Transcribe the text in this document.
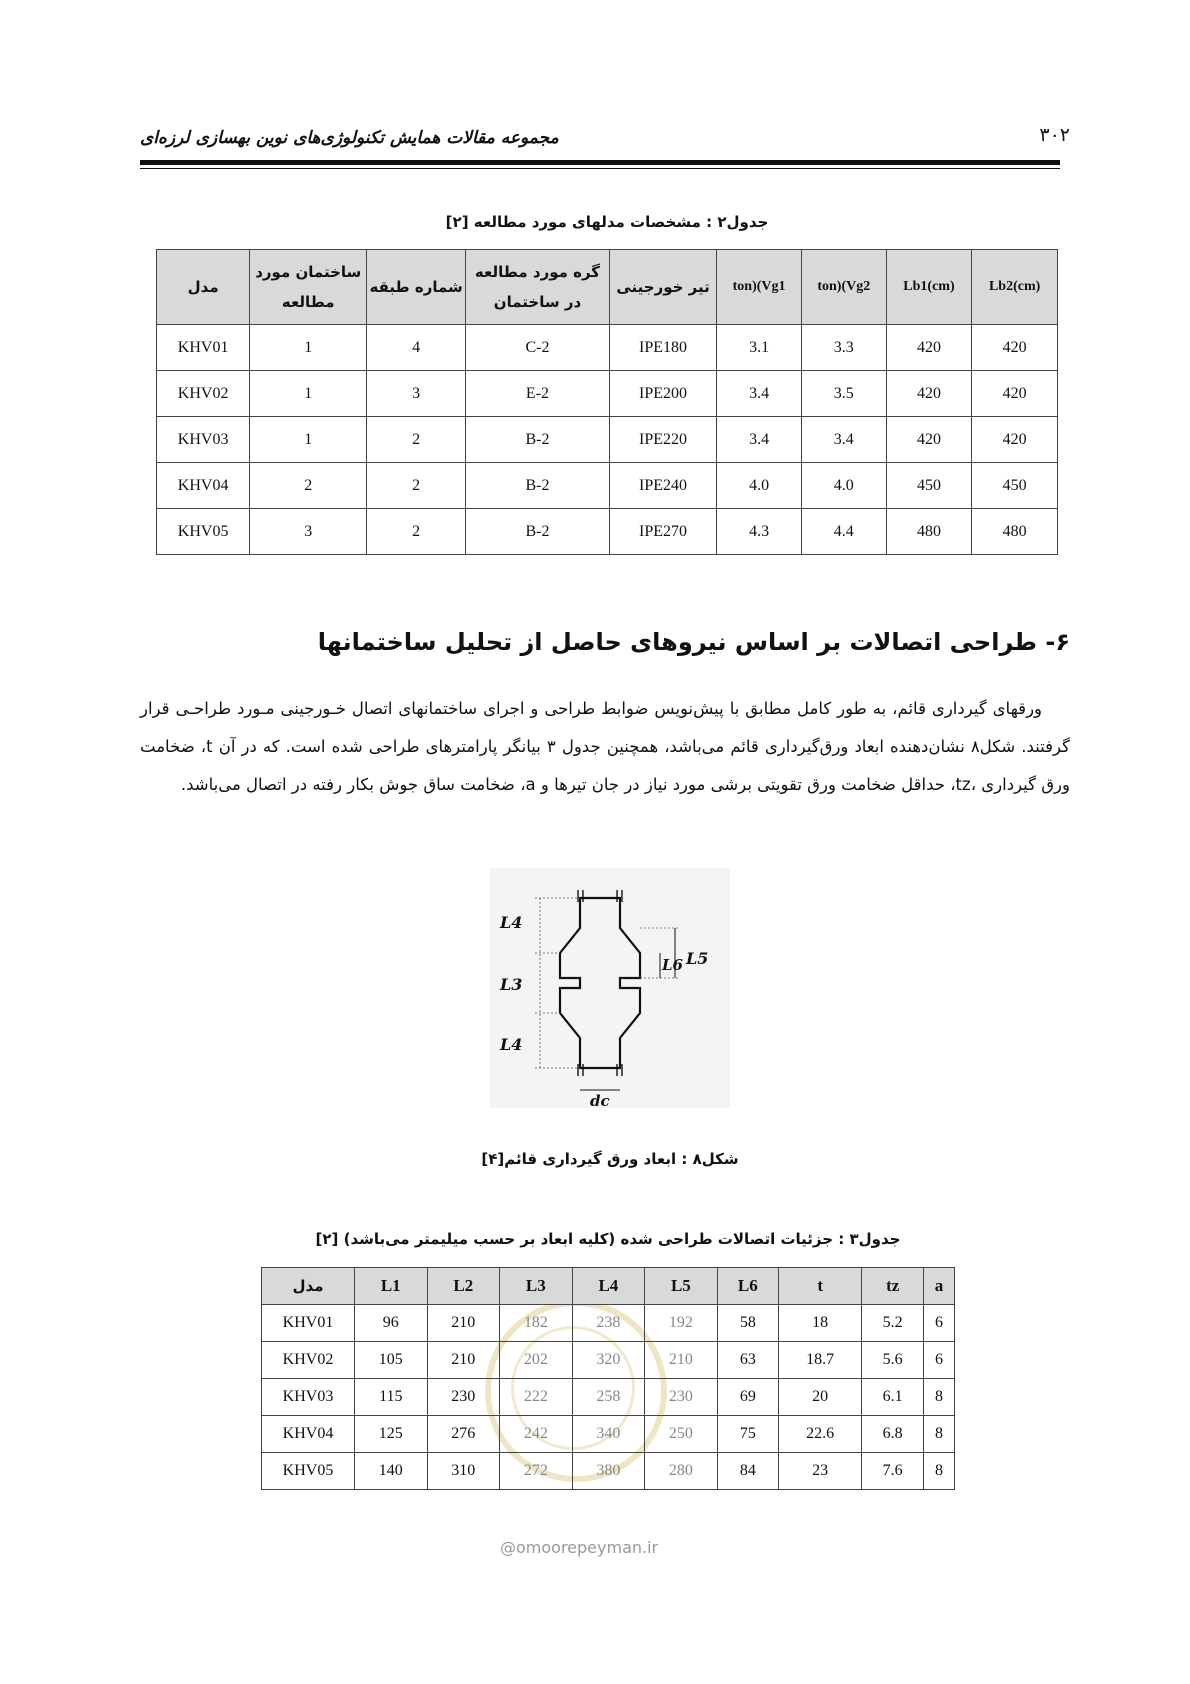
مجموعه مقالات همایش تکنولوژی‌های نوین بهسازی لرزه‌ای	۳۰۲
جدول۲ : مشخصات مدلهای مورد مطالعه [۲]
مدل	ساختمان مورد مطالعه	شماره طبقه	گره مورد مطالعه در ساختمان	تیر خورجینی	ton)(Vg1	ton)(Vg2	Lb1(cm)	Lb2(cm)
KHV01	1	4	C-2	IPE180	3.1	3.3	420	420
KHV02	1	3	E-2	IPE200	3.4	3.5	420	420
KHV03	1	2	B-2	IPE220	3.4	3.4	420	420
KHV04	2	2	B-2	IPE240	4.0	4.0	450	450
KHV05	3	2	B-2	IPE270	4.3	4.4	480	480
۶- طراحی اتصالات بر اساس نیروهای حاصل از تحلیل ساختمانها
ورقهای گیرداری قائم، به طور کامل مطابق با پیش‌نویس ضوابط طراحی و اجرای ساختمانهای اتصال خـورجینی مـورد طراحـی قرار گرفتند. شکل۸ نشان‌دهنده ابعاد ورق‌گیرداری قائم می‌باشد، همچنین جدول ۳ بیانگر پارامترهای طراحی شده است. که در آن t، ضخامت ورق گیرداری ،tz، حداقل ضخامت ورق تقویتی برشی مورد نیاز در جان تیرها و a، ضخامت ساق جوش بکار رفته در اتصال می‌باشد.
L4
L3
L4
L6 L5
dc
شکل۸ : ابعاد ورق گیرداری قائم[۴]
جدول۳ : جزئیات اتصالات طراحی شده (کلیه ابعاد بر حسب میلیمتر می‌باشد) [۲]
مدل	L1	L2	L3	L4	L5	L6	t	tz	a
KHV01	96	210	182	238	192	58	18	5.2	6
KHV02	105	210	202	320	210	63	18.7	5.6	6
KHV03	115	230	222	258	230	69	20	6.1	8
KHV04	125	276	242	340	250	75	22.6	6.8	8
KHV05	140	310	272	380	280	84	23	7.6	8
@omoorepeyman.ir
